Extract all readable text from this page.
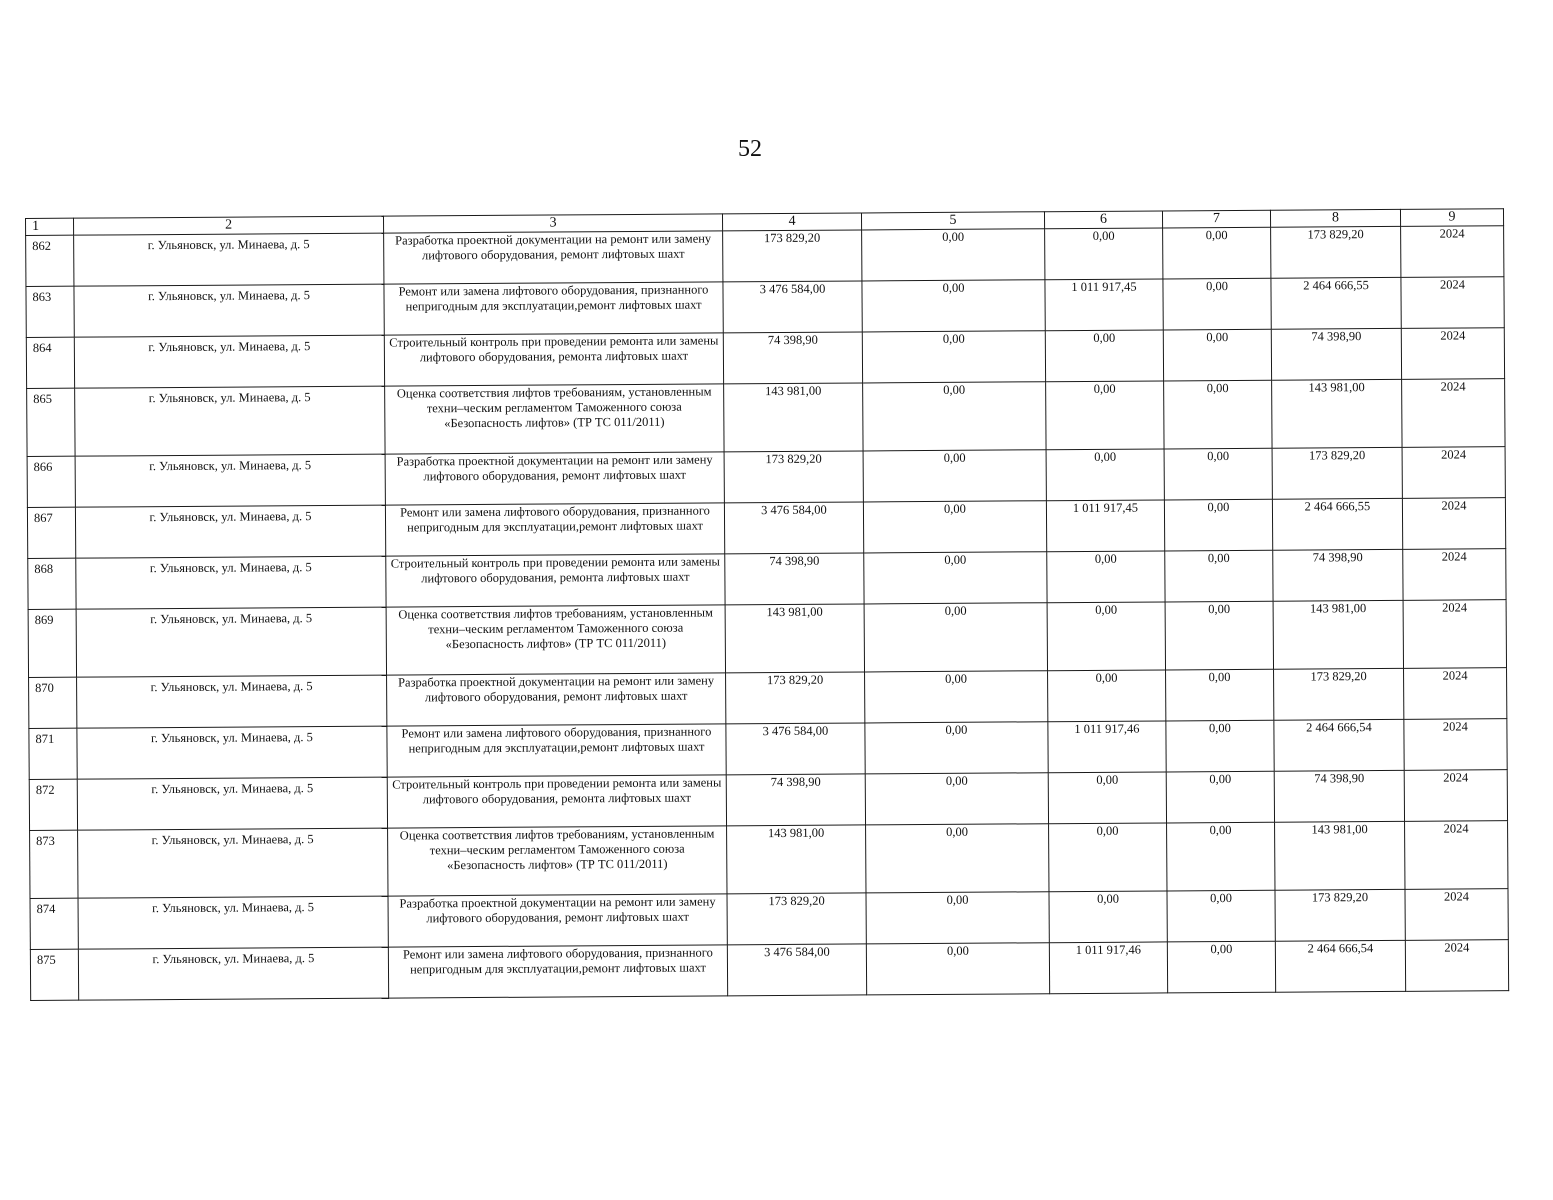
52
1	2	3	4	5	6	7	8	9
862	г. Ульяновск, ул. Минаева, д. 5	Разработка проектной документации на ремонт или замену лифтового оборудования, ремонт лифтовых шахт	173 829,20	0,00	0,00	0,00	173 829,20	2024
863	г. Ульяновск, ул. Минаева, д. 5	Ремонт или замена лифтового оборудования, признанного непригодным для эксплуатации,ремонт лифтовых шахт	3 476 584,00	0,00	1 011 917,45	0,00	2 464 666,55	2024
864	г. Ульяновск, ул. Минаева, д. 5	Строительный контроль при проведении ремонта или замены лифтового оборудования, ремонта лифтовых шахт	74 398,90	0,00	0,00	0,00	74 398,90	2024
865	г. Ульяновск, ул. Минаева, д. 5	Оценка соответствия лифтов требованиям, установленным техни–ческим регламентом Таможенного союза «Безопасность лифтов» (ТР ТС 011/2011)	143 981,00	0,00	0,00	0,00	143 981,00	2024
866	г. Ульяновск, ул. Минаева, д. 5	Разработка проектной документации на ремонт или замену лифтового оборудования, ремонт лифтовых шахт	173 829,20	0,00	0,00	0,00	173 829,20	2024
867	г. Ульяновск, ул. Минаева, д. 5	Ремонт или замена лифтового оборудования, признанного непригодным для эксплуатации,ремонт лифтовых шахт	3 476 584,00	0,00	1 011 917,45	0,00	2 464 666,55	2024
868	г. Ульяновск, ул. Минаева, д. 5	Строительный контроль при проведении ремонта или замены лифтового оборудования, ремонта лифтовых шахт	74 398,90	0,00	0,00	0,00	74 398,90	2024
869	г. Ульяновск, ул. Минаева, д. 5	Оценка соответствия лифтов требованиям, установленным техни–ческим регламентом Таможенного союза «Безопасность лифтов» (ТР ТС 011/2011)	143 981,00	0,00	0,00	0,00	143 981,00	2024
870	г. Ульяновск, ул. Минаева, д. 5	Разработка проектной документации на ремонт или замену лифтового оборудования, ремонт лифтовых шахт	173 829,20	0,00	0,00	0,00	173 829,20	2024
871	г. Ульяновск, ул. Минаева, д. 5	Ремонт или замена лифтового оборудования, признанного непригодным для эксплуатации,ремонт лифтовых шахт	3 476 584,00	0,00	1 011 917,46	0,00	2 464 666,54	2024
872	г. Ульяновск, ул. Минаева, д. 5	Строительный контроль при проведении ремонта или замены лифтового оборудования, ремонта лифтовых шахт	74 398,90	0,00	0,00	0,00	74 398,90	2024
873	г. Ульяновск, ул. Минаева, д. 5	Оценка соответствия лифтов требованиям, установленным техни–ческим регламентом Таможенного союза «Безопасность лифтов» (ТР ТС 011/2011)	143 981,00	0,00	0,00	0,00	143 981,00	2024
874	г. Ульяновск, ул. Минаева, д. 5	Разработка проектной документации на ремонт или замену лифтового оборудования, ремонт лифтовых шахт	173 829,20	0,00	0,00	0,00	173 829,20	2024
875	г. Ульяновск, ул. Минаева, д. 5	Ремонт или замена лифтового оборудования, признанного непригодным для эксплуатации,ремонт лифтовых шахт	3 476 584,00	0,00	1 011 917,46	0,00	2 464 666,54	2024
